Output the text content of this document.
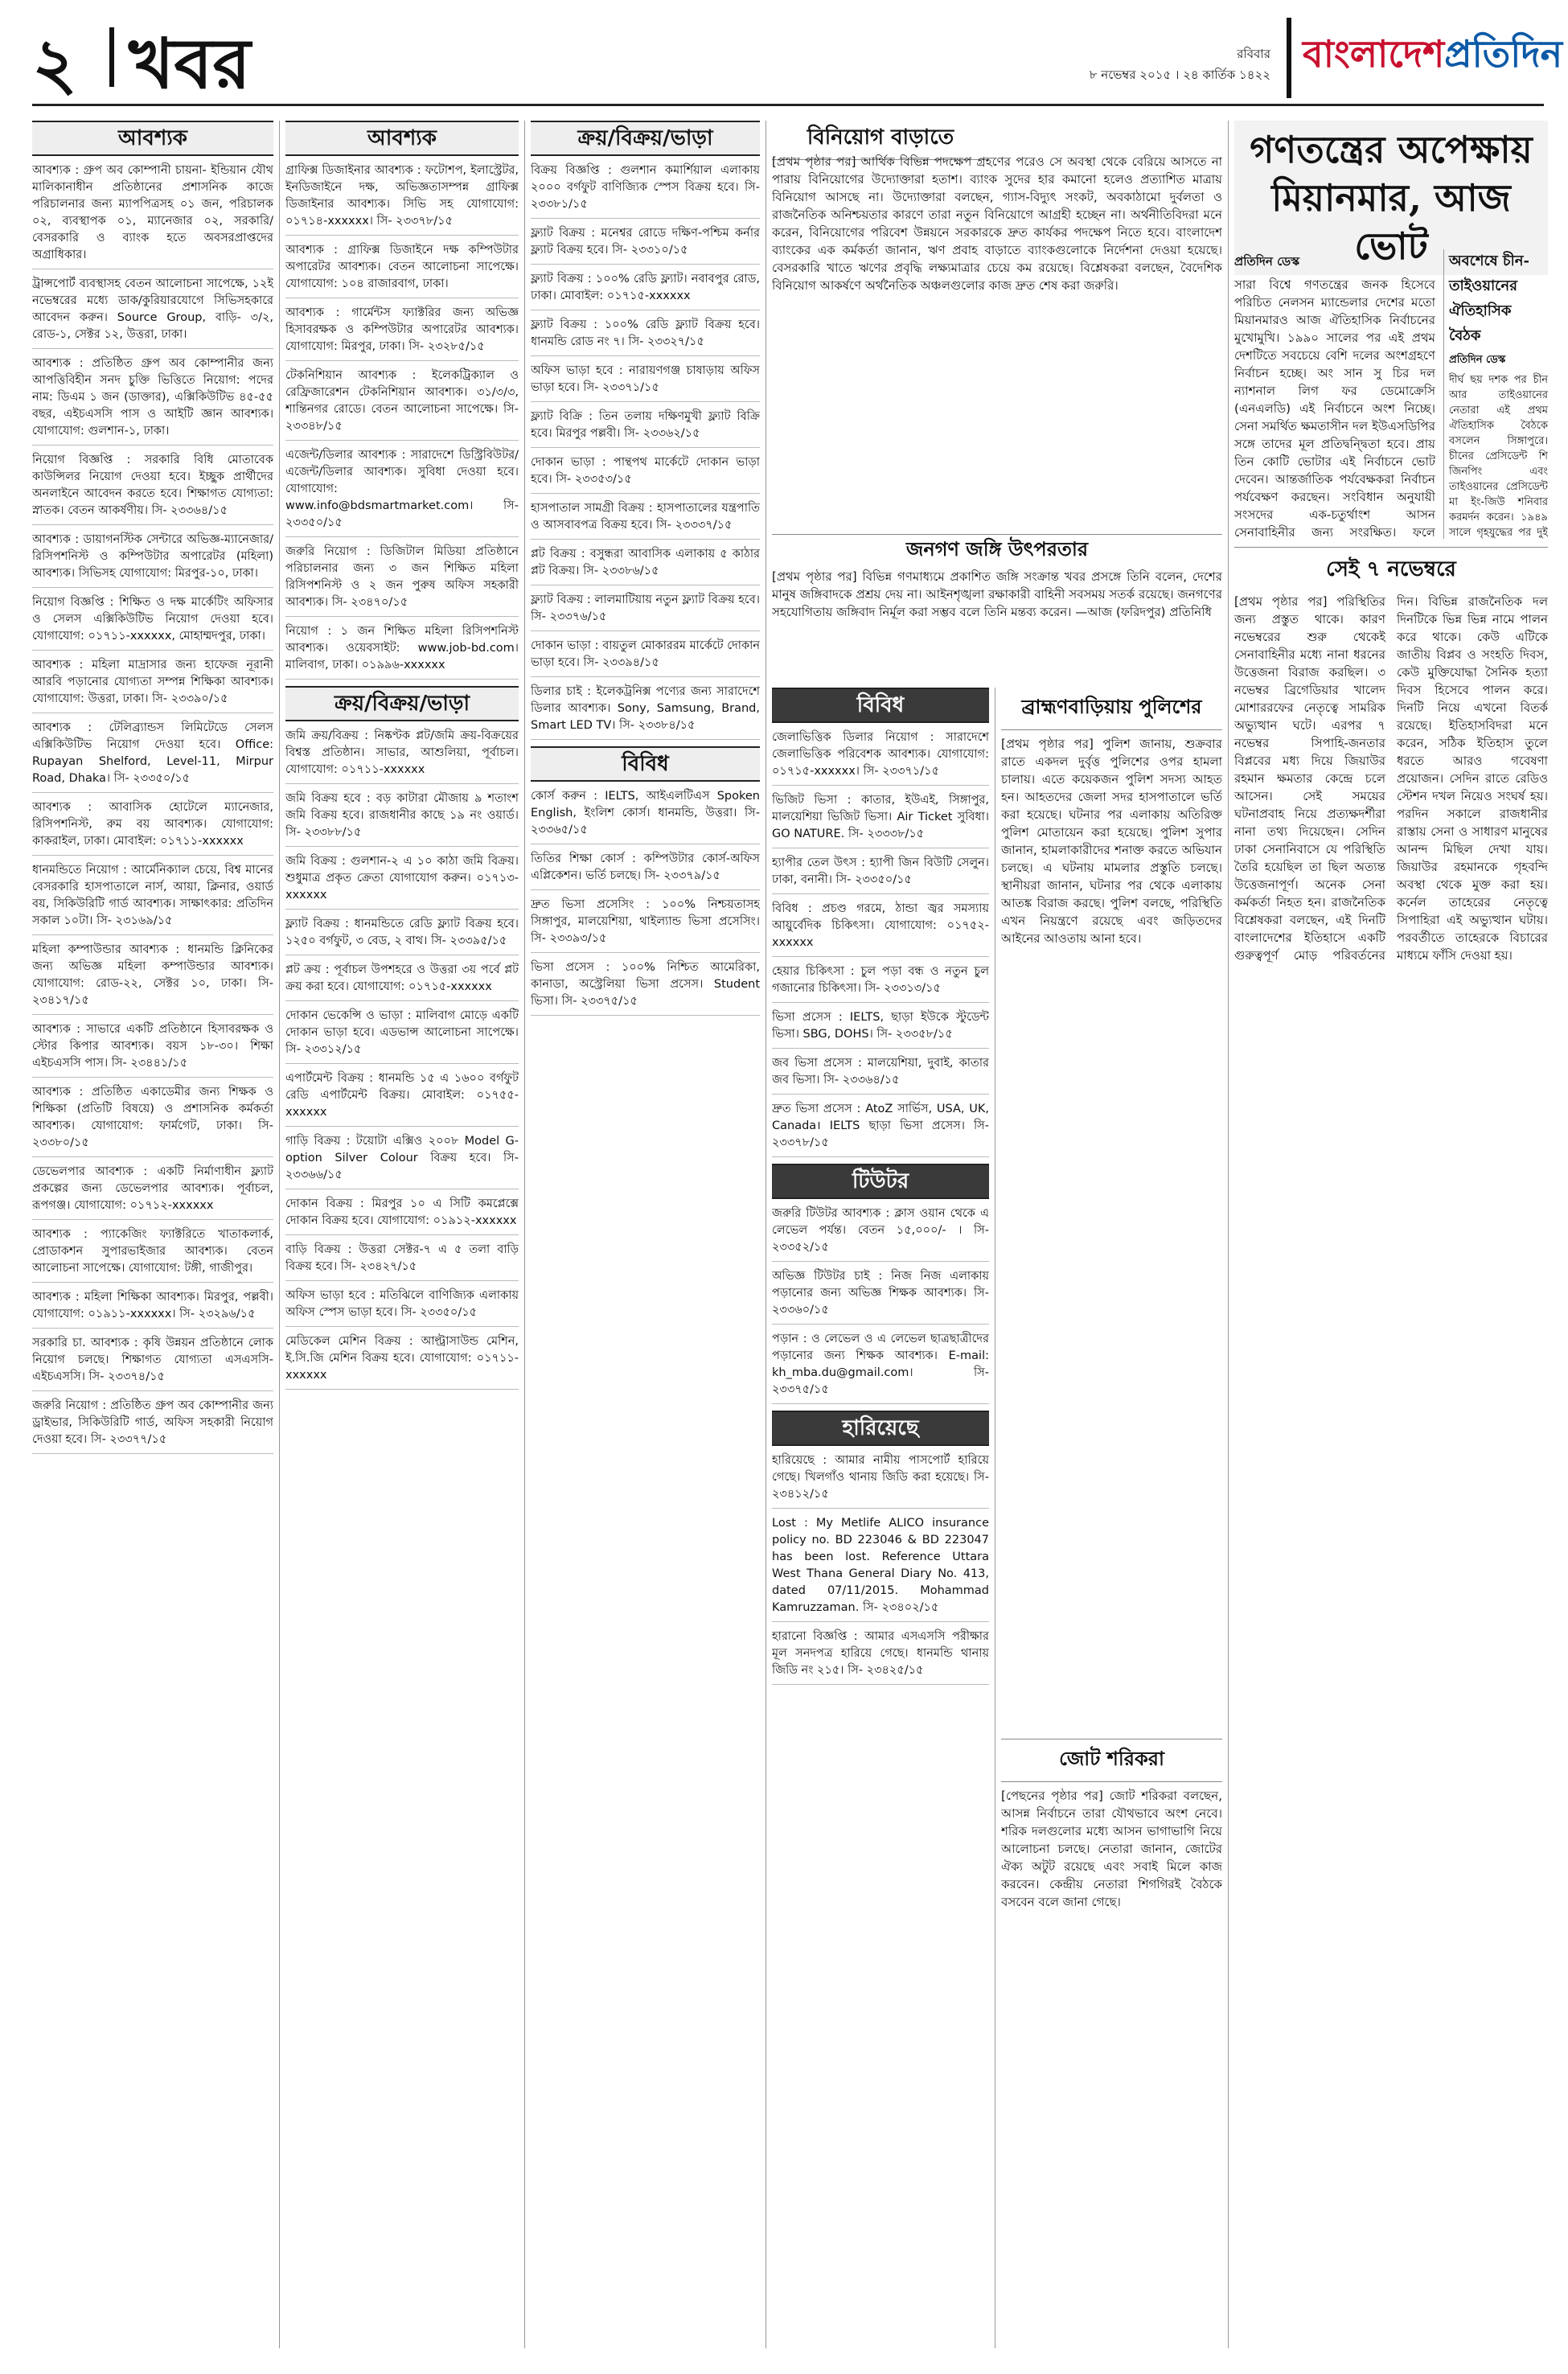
২ খবর	রবিবার
৮ নভেম্বর ২০১৫ । ২৪ কার্তিক ১৪২২ বাংলাদেশপ্রতিদিন
আবশ্যক
আবশ্যক : গ্রুপ অব কোম্পানী চায়না- ইন্ডিয়ান যৌথ মালিকানাধীন প্রতিষ্ঠানের প্রশাসনিক কাজে পরিচালনার জন্য ম্যাপপিত্রসহ ০১ জন, পরিচালক ০২, ব্যবস্থাপক ০১, ম্যানেজার ০২, সরকারি/বেসরকারি ও ব্যাংক হতে অবসরপ্রাপ্তদের অগ্রাধিকার।
ট্রান্সপোর্ট ব্যবস্থাসহ বেতন আলোচনা সাপেক্ষে, ১২ই নভেম্বরের মধ্যে ডাক/কুরিয়ারযোগে সিভিসহকারে আবেদন করুন। Source Group, বাড়ি- ৩/২, রোড-১, সেক্টর ১২, উত্তরা, ঢাকা।
আবশ্যক : প্রতিষ্ঠিত গ্রুপ অব কোম্পানীর জন্য আপত্তিবিহীন সনদ চুক্তি ভিত্তিতে নিয়োগ: পদের নাম: ডিএম ১ জন (ডাক্তার), এক্সিকিউটিভ ৪৫-৫৫ বছর, এইচএসসি পাস ও আইটি জ্ঞান আবশ্যক। যোগাযোগ: গুলশান-১, ঢাকা।
নিয়োগ বিজ্ঞপ্তি : সরকারি বিধি মোতাবেক কাউন্সিলর নিয়োগ দেওয়া হবে। ইচ্ছুক প্রার্থীদের অনলাইনে আবেদন করতে হবে। শিক্ষাগত যোগ্যতা: স্নাতক। বেতন আকর্ষণীয়। সি- ২৩৩৬৪/১৫
আবশ্যক : ডায়াগনস্টিক সেন্টারে অভিজ্ঞ-ম্যানেজার/রিসিপশনিস্ট ও কম্পিউটার অপারেটর (মহিলা) আবশ্যক। সিভিসহ যোগাযোগ: মিরপুর-১০, ঢাকা।
নিয়োগ বিজ্ঞপ্তি : শিক্ষিত ও দক্ষ মার্কেটিং অফিসার ও সেলস এক্সিকিউটিভ নিয়োগ দেওয়া হবে। যোগাযোগ: ০১৭১১-xxxxxx, মোহাম্মদপুর, ঢাকা।
আবশ্যক : মহিলা মাদ্রাসার জন্য হাফেজ নূরানী আরবি পড়ানোর যোগ্যতা সম্পন্ন শিক্ষিকা আবশ্যক। যোগাযোগ: উত্তরা, ঢাকা। সি- ২৩৩৯০/১৫
আবশ্যক : টেলিব্র্যান্ডস লিমিটেডে সেলস এক্সিকিউটিভ নিয়োগ দেওয়া হবে। Office: Rupayan Shelford, Level-11, Mirpur Road, Dhaka। সি- ২৩৩৫০/১৫
আবশ্যক : আবাসিক হোটেলে ম্যানেজার, রিসিপশনিস্ট, রুম বয় আবশ্যক। যোগাযোগ: কাকরাইল, ঢাকা। মোবাইল: ০১৭১১-xxxxxx
ধানমন্ডিতে নিয়োগ : আর্মেনিক্যাল চেয়ে, বিশ্ব মানের বেসরকারি হাসপাতালে নার্স, আয়া, ক্লিনার, ওয়ার্ড বয়, সিকিউরিটি গার্ড আবশ্যক। সাক্ষাৎকার: প্রতিদিন সকাল ১০টা। সি- ২৩১৬৯/১৫
মহিলা কম্পাউন্ডার আবশ্যক : ধানমন্ডি ক্লিনিকের জন্য অভিজ্ঞ মহিলা কম্পাউন্ডার আবশ্যক। যোগাযোগ: রোড-২২, সেক্টর ১০, ঢাকা। সি- ২৩৪১৭/১৫
আবশ্যক : সাভারে একটি প্রতিষ্ঠানে হিসাবরক্ষক ও স্টোর কিপার আবশ্যক। বয়স ১৮-৩০। শিক্ষা এইচএসসি পাস। সি- ২৩৪৪১/১৫
আবশ্যক : প্রতিষ্ঠিত একাডেমীর জন্য শিক্ষক ও শিক্ষিকা (প্রতিটি বিষয়ে) ও প্রশাসনিক কর্মকর্তা আবশ্যক। যোগাযোগ: ফার্মগেট, ঢাকা। সি- ২৩৩৮০/১৫
ডেভেলপার আবশ্যক : একটি নির্মাণাধীন ফ্ল্যাট প্রকল্পের জন্য ডেভেলপার আবশ্যক। পূর্বাচল, রূপগঞ্জ। যোগাযোগ: ০১৭১২-xxxxxx
আবশ্যক : প্যাকেজিং ফ্যাক্টরিতে খাতাকলার্ক, প্রোডাকশন সুপারভাইজার আবশ্যক। বেতন আলোচনা সাপেক্ষে। যোগাযোগ: টঙ্গী, গাজীপুর।
আবশ্যক : মহিলা শিক্ষিকা আবশ্যক। মিরপুর, পল্লবী। যোগাযোগ: ০১৯১১-xxxxxx। সি- ২৩২৯৬/১৫
সরকারি চা. আবশ্যক : কৃষি উন্নয়ন প্রতিষ্ঠানে লোক নিয়োগ চলছে। শিক্ষাগত যোগ্যতা এসএসসি-এইচএসসি। সি- ২৩৩৭৪/১৫
জরুরি নিয়োগ : প্রতিষ্ঠিত গ্রুপ অব কোম্পানীর জন্য ড্রাইভার, সিকিউরিটি গার্ড, অফিস সহকারী নিয়োগ দেওয়া হবে। সি- ২৩৩৭৭/১৫
আবশ্যক
গ্রাফিক্স ডিজাইনার আবশ্যক : ফটোশপ, ইলাস্ট্রেটর, ইনডিজাইনে দক্ষ, অভিজ্ঞতাসম্পন্ন গ্রাফিক্স ডিজাইনার আবশ্যক। সিভি সহ যোগাযোগ: ০১৭১৪-xxxxxx। সি- ২৩৩৭৮/১৫
আবশ্যক : গ্রাফিক্স ডিজাইনে দক্ষ কম্পিউটার অপারেটর আবশ্যক। বেতন আলোচনা সাপেক্ষে। যোগাযোগ: ১০৪ রাজারবাগ, ঢাকা।
আবশ্যক : গার্মেন্টস ফ্যাক্টরির জন্য অভিজ্ঞ হিসাবরক্ষক ও কম্পিউটার অপারেটর আবশ্যক। যোগাযোগ: মিরপুর, ঢাকা। সি- ২৩২৮৫/১৫
টেকনিশিয়ান আবশ্যক : ইলেকট্রিক্যাল ও রেফ্রিজারেশন টেকনিশিয়ান আবশ্যক। ৩১/৩/৩, শান্তিনগর রোডে। বেতন আলোচনা সাপেক্ষে। সি- ২৩৩৪৮/১৫
এজেন্ট/ডিলার আবশ্যক : সারাদেশে ডিস্ট্রিবিউটর/এজেন্ট/ডিলার আবশ্যক। সুবিধা দেওয়া হবে। যোগাযোগ: www.info@bdsmartmarket.com। সি- ২৩৩৫০/১৫
জরুরি নিয়োগ : ডিজিটাল মিডিয়া প্রতিষ্ঠানে পরিচালনার জন্য ৩ জন শিক্ষিত মহিলা রিসিপশনিস্ট ও ২ জন পুরুষ অফিস সহকারী আবশ্যক। সি- ২৩৪৭০/১৫
নিয়োগ : ১ জন শিক্ষিত মহিলা রিসিপশনিস্ট আবশ্যক। ওয়েবসাইট: www.job-bd.com। মালিবাগ, ঢাকা। ০১৯৯৬-xxxxxx
ক্রয়/বিক্রয়/ভাড়া
জমি ক্রয়/বিক্রয় : নিষ্কণ্টক প্লট/জমি ক্রয়-বিক্রয়ের বিশ্বস্ত প্রতিষ্ঠান। সাভার, আশুলিয়া, পূর্বাচল। যোগাযোগ: ০১৭১১-xxxxxx
জমি বিক্রয় হবে : বড় কাটারা মৌজায় ৯ শতাংশ জমি বিক্রয় হবে। রাজধানীর কাছে ১৯ নং ওয়ার্ড। সি- ২৩৩৮৮/১৫
জমি বিক্রয় : গুলশান-২ এ ১০ কাঠা জমি বিক্রয়। শুধুমাত্র প্রকৃত ক্রেতা যোগাযোগ করুন। ০১৭১৩-xxxxxx
ফ্ল্যাট বিক্রয় : ধানমন্ডিতে রেডি ফ্ল্যাট বিক্রয় হবে। ১২৫০ বর্গফুট, ৩ বেড, ২ বাথ। সি- ২৩৩৯৫/১৫
প্লট ক্রয় : পূর্বাচল উপশহরে ও উত্তরা ৩য় পর্বে প্লট ক্রয় করা হবে। যোগাযোগ: ০১৭১৫-xxxxxx
দোকান ভেকেন্সি ও ভাড়া : মালিবাগ মোড়ে একটি দোকান ভাড়া হবে। এডভান্স আলোচনা সাপেক্ষে। সি- ২৩৩১২/১৫
এপার্টমেন্ট বিক্রয় : ধানমন্ডি ১৫ এ ১৬০০ বর্গফুট রেডি এপার্টমেন্ট বিক্রয়। মোবাইল: ০১৭৫৫-xxxxxx
গাড়ি বিক্রয় : টয়োটা এক্সিও ২০০৮ Model G-option Silver Colour বিক্রয় হবে। সি- ২৩৩৬৬/১৫
দোকান বিক্রয় : মিরপুর ১০ এ সিটি কমপ্লেক্সে দোকান বিক্রয় হবে। যোগাযোগ: ০১৯১২-xxxxxx
বাড়ি বিক্রয় : উত্তরা সেক্টর-৭ এ ৫ তলা বাড়ি বিক্রয় হবে। সি- ২৩৪২৭/১৫
অফিস ভাড়া হবে : মতিঝিলে বাণিজ্যিক এলাকায় অফিস স্পেস ভাড়া হবে। সি- ২৩৩৫০/১৫
মেডিকেল মেশিন বিক্রয় : আল্ট্রাসাউন্ড মেশিন, ই.সি.জি মেশিন বিক্রয় হবে। যোগাযোগ: ০১৭১১-xxxxxx
ক্রয়/বিক্রয়/ভাড়া
বিক্রয় বিজ্ঞপ্তি : গুলশান কমার্শিয়াল এলাকায় ২০০০ বর্গফুট বাণিজ্যিক স্পেস বিক্রয় হবে। সি- ২৩৩৮১/১৫
ফ্ল্যাট বিক্রয় : মনেশ্বর রোডে দক্ষিণ-পশ্চিম কর্নার ফ্ল্যাট বিক্রয় হবে। সি- ২৩৩১০/১৫
ফ্ল্যাট বিক্রয় : ১০০% রেডি ফ্ল্যাট। নবাবপুর রোড, ঢাকা। মোবাইল: ০১৭১৫-xxxxxx
ফ্ল্যাট বিক্রয় : ১০০% রেডি ফ্ল্যাট বিক্রয় হবে। ধানমন্ডি রোড নং ৭। সি- ২৩৩২৭/১৫
অফিস ভাড়া হবে : নারায়ণগঞ্জ চাষাড়ায় অফিস ভাড়া হবে। সি- ২৩৩৭১/১৫
ফ্ল্যাট বিক্রি : তিন তলায় দক্ষিণমুখী ফ্ল্যাট বিক্রি হবে। মিরপুর পল্লবী। সি- ২৩৩৬২/১৫
দোকান ভাড়া : পান্থপথ মার্কেটে দোকান ভাড়া হবে। সি- ২৩৩৫৩/১৫
হাসপাতাল সামগ্রী বিক্রয় : হাসপাতালের যন্ত্রপাতি ও আসবাবপত্র বিক্রয় হবে। সি- ২৩৩৩৭/১৫
প্লট বিক্রয় : বসুন্ধরা আবাসিক এলাকায় ৫ কাঠার প্লট বিক্রয়। সি- ২৩৩৮৬/১৫
ফ্ল্যাট বিক্রয় : লালমাটিয়ায় নতুন ফ্ল্যাট বিক্রয় হবে। সি- ২৩৩৭৬/১৫
দোকান ভাড়া : বায়তুল মোকাররম মার্কেটে দোকান ভাড়া হবে। সি- ২৩৩৯৪/১৫
ডিলার চাই : ইলেকট্রনিক্স পণ্যের জন্য সারাদেশে ডিলার আবশ্যক। Sony, Samsung, Brand, Smart LED TV। সি- ২৩৩৮৪/১৫
বিবিধ
কোর্স করুন : IELTS, আইএলটিএস Spoken English, ইংলিশ কোর্স। ধানমন্ডি, উত্তরা। সি- ২৩৩৬৫/১৫
তিতির শিক্ষা কোর্স : কম্পিউটার কোর্স-অফিস এপ্লিকেশন। ভর্তি চলছে। সি- ২৩৩৭৯/১৫
দ্রুত ভিসা প্রসেসিং : ১০০% নিশ্চয়তাসহ সিঙ্গাপুর, মালয়েশিয়া, থাইল্যান্ড ভিসা প্রসেসিং। সি- ২৩৩৯৩/১৫
ভিসা প্রসেস : ১০০% নিশ্চিত আমেরিকা, কানাডা, অস্ট্রেলিয়া ভিসা প্রসেস। Student ভিসা। সি- ২৩৩৭৫/১৫
বিনিয়োগ বাড়াতে
[প্রথম পৃষ্ঠার পর] আর্থিক বিভিন্ন পদক্ষেপ গ্রহণের পরেও সে অবস্থা থেকে বেরিয়ে আসতে না পারায় বিনিয়োগের উদ্যোক্তারা হতাশ। ব্যাংক সুদের হার কমানো হলেও প্রত্যাশিত মাত্রায় বিনিয়োগ আসছে না। উদ্যোক্তারা বলছেন, গ্যাস-বিদ্যুৎ সংকট, অবকাঠামো দুর্বলতা ও রাজনৈতিক অনিশ্চয়তার কারণে তারা নতুন বিনিয়োগে আগ্রহী হচ্ছেন না। অর্থনীতিবিদরা মনে করেন, বিনিয়োগের পরিবেশ উন্নয়নে সরকারকে দ্রুত কার্যকর পদক্ষেপ নিতে হবে। বাংলাদেশ ব্যাংকের এক কর্মকর্তা জানান, ঋণ প্রবাহ বাড়াতে ব্যাংকগুলোকে নির্দেশনা দেওয়া হয়েছে। বেসরকারি খাতে ঋণের প্রবৃদ্ধি লক্ষ্যমাত্রার চেয়ে কম রয়েছে। বিশ্লেষকরা বলছেন, বৈদেশিক বিনিয়োগ আকর্ষণে অর্থনৈতিক অঞ্চলগুলোর কাজ দ্রুত শেষ করা জরুরি।
জনগণ জঙ্গি উৎপরতার
[প্রথম পৃষ্ঠার পর] বিভিন্ন গণমাধ্যমে প্রকাশিত জঙ্গি সংক্রান্ত খবর প্রসঙ্গে তিনি বলেন, দেশের মানুষ জঙ্গিবাদকে প্রশ্রয় দেয় না। আইনশৃঙ্খলা রক্ষাকারী বাহিনী সবসময় সতর্ক রয়েছে। জনগণের সহযোগিতায় জঙ্গিবাদ নির্মূল করা সম্ভব বলে তিনি মন্তব্য করেন। —আজ (ফরিদপুর) প্রতিনিধি
বিবিধ
জেলাভিত্তিক ডিলার নিয়োগ : সারাদেশে জেলাভিত্তিক পরিবেশক আবশ্যক। যোগাযোগ: ০১৭১৫-xxxxxx। সি- ২৩৩৭১/১৫
ভিজিট ভিসা : কাতার, ইউএই, সিঙ্গাপুর, মালয়েশিয়া ভিজিট ভিসা। Air Ticket সুবিধা। GO NATURE. সি- ২৩৩৩৮/১৫
হ্যাপীর তেল উৎস : হ্যাপী জিন বিউটি সেলুন। ঢাকা, বনানী। সি- ২৩৩৫০/১৫
বিবিধ : প্রচণ্ড গরমে, ঠান্ডা জ্বর সমস্যায় আয়ুর্বেদিক চিকিৎসা। যোগাযোগ: ০১৭৫২-xxxxxx
হেয়ার চিকিৎসা : চুল পড়া বন্ধ ও নতুন চুল গজানোর চিকিৎসা। সি- ২৩৩১৩/১৫
ভিসা প্রসেস : IELTS, ছাড়া ইউকে স্টুডেন্ট ভিসা। SBG, DOHS। সি- ২৩৩৫৮/১৫
জব ভিসা প্রসেস : মালয়েশিয়া, দুবাই, কাতার জব ভিসা। সি- ২৩৩৬৪/১৫
দ্রুত ভিসা প্রসেস : AtoZ সার্ভিস, USA, UK, Canada। IELTS ছাড়া ভিসা প্রসেস। সি- ২৩৩৭৮/১৫
টিউটর
জরুরি টিউটর আবশ্যক : ক্লাস ওয়ান থেকে এ লেভেল পর্যন্ত। বেতন ১৫,০০০/- । সি- ২৩৩৫২/১৫
অভিজ্ঞ টিউটর চাই : নিজ নিজ এলাকায় পড়ানোর জন্য অভিজ্ঞ শিক্ষক আবশ্যক। সি- ২৩৩৬০/১৫
পড়ান : ও লেভেল ও এ লেভেল ছাত্রছাত্রীদের পড়ানোর জন্য শিক্ষক আবশ্যক। E-mail: kh_mba.du@gmail.com। সি- ২৩৩৭৫/১৫
হারিয়েছে
হারিয়েছে : আমার নামীয় পাসপোর্ট হারিয়ে গেছে। খিলগাঁও থানায় জিডি করা হয়েছে। সি- ২৩৪১২/১৫
Lost : My Metlife ALICO insurance policy no. BD 223046 & BD 223047 has been lost. Reference Uttara West Thana General Diary No. 413, dated 07/11/2015. Mohammad Kamruzzaman. সি- ২৩৪০২/১৫
হারানো বিজ্ঞপ্তি : আমার এসএসসি পরীক্ষার মূল সনদপত্র হারিয়ে গেছে। ধানমন্ডি থানায় জিডি নং ২১৫। সি- ২৩৪২৫/১৫
ব্রাহ্মণবাড়িয়ায় পুলিশের
[প্রথম পৃষ্ঠার পর] পুলিশ জানায়, শুক্রবার রাতে একদল দুর্বৃত্ত পুলিশের ওপর হামলা চালায়। এতে কয়েকজন পুলিশ সদস্য আহত হন। আহতদের জেলা সদর হাসপাতালে ভর্তি করা হয়েছে। ঘটনার পর এলাকায় অতিরিক্ত পুলিশ মোতায়েন করা হয়েছে। পুলিশ সুপার জানান, হামলাকারীদের শনাক্ত করতে অভিযান চলছে। এ ঘটনায় মামলার প্রস্তুতি চলছে। স্থানীয়রা জানান, ঘটনার পর থেকে এলাকায় আতঙ্ক বিরাজ করছে। পুলিশ বলছে, পরিস্থিতি এখন নিয়ন্ত্রণে রয়েছে এবং জড়িতদের আইনের আওতায় আনা হবে।
জোট শরিকরা
[পেছনের পৃষ্ঠার পর] জোট শরিকরা বলছেন, আসন্ন নির্বাচনে তারা যৌথভাবে অংশ নেবে। শরিক দলগুলোর মধ্যে আসন ভাগাভাগি নিয়ে আলোচনা চলছে। নেতারা জানান, জোটের ঐক্য অটুট রয়েছে এবং সবাই মিলে কাজ করবেন। কেন্দ্রীয় নেতারা শিগগিরই বৈঠকে বসবেন বলে জানা গেছে।
গণতন্ত্রের অপেক্ষায় মিয়ানমার, আজ ভোট
প্রতিদিন ডেস্ক
সারা বিশ্বে গণতন্ত্রের জনক হিসেবে পরিচিত নেলসন ম্যান্ডেলার দেশের মতো মিয়ানমারও আজ ঐতিহাসিক নির্বাচনের মুখোমুখি। ১৯৯০ সালের পর এই প্রথম দেশটিতে সবচেয়ে বেশি দলের অংশগ্রহণে নির্বাচন হচ্ছে। অং সান সু চির দল ন্যাশনাল লিগ ফর ডেমোক্রেসি (এনএলডি) এই নির্বাচনে অংশ নিচ্ছে। সেনা সমর্থিত ক্ষমতাসীন দল ইউএসডিপির সঙ্গে তাদের মূল প্রতিদ্বন্দ্বিতা হবে। প্রায় তিন কোটি ভোটার এই নির্বাচনে ভোট দেবেন। আন্তর্জাতিক পর্যবেক্ষকরা নির্বাচন পর্যবেক্ষণ করছেন। সংবিধান অনুযায়ী সংসদের এক-চতুর্থাংশ আসন সেনাবাহিনীর জন্য সংরক্ষিত। ফলে
অবশেষে চীন-তাইওয়ানের ঐতিহাসিক বৈঠক
প্রতিদিন ডেস্ক
দীর্ঘ ছয় দশক পর চীন আর তাইওয়ানের নেতারা এই প্রথম ঐতিহাসিক বৈঠকে বসলেন সিঙ্গাপুরে। চীনের প্রেসিডেন্ট শি জিনপিং এবং তাইওয়ানের প্রেসিডেন্ট মা ইং-জিউ শনিবার করমর্দন করেন। ১৯৪৯ সালে গৃহযুদ্ধের পর দুই
সেই ৭ নভেম্বরে
[প্রথম পৃষ্ঠার পর] পরিস্থিতির জন্য প্রস্তুত থাকে। কারণ নভেম্বরের শুরু থেকেই সেনাবাহিনীর মধ্যে নানা ধরনের উত্তেজনা বিরাজ করছিল। ৩ নভেম্বর ব্রিগেডিয়ার খালেদ মোশাররফের নেতৃত্বে সামরিক অভ্যুত্থান ঘটে। এরপর ৭ নভেম্বর সিপাহি-জনতার বিপ্লবের মধ্য দিয়ে জিয়াউর রহমান ক্ষমতার কেন্দ্রে চলে আসেন। সেই সময়ের ঘটনাপ্রবাহ নিয়ে প্রত্যক্ষদর্শীরা নানা তথ্য দিয়েছেন। সেদিন ঢাকা সেনানিবাসে যে পরিস্থিতি তৈরি হয়েছিল তা ছিল অত্যন্ত উত্তেজনাপূর্ণ। অনেক সেনা কর্মকর্তা নিহত হন। রাজনৈতিক বিশ্লেষকরা বলছেন, এই দিনটি বাংলাদেশের ইতিহাসে একটি গুরুত্বপূর্ণ মোড় পরিবর্তনের দিন। বিভিন্ন রাজনৈতিক দল দিনটিকে ভিন্ন ভিন্ন নামে পালন করে থাকে। কেউ এটিকে জাতীয় বিপ্লব ও সংহতি দিবস, কেউ মুক্তিযোদ্ধা সৈনিক হত্যা দিবস হিসেবে পালন করে। দিনটি নিয়ে এখনো বিতর্ক রয়েছে। ইতিহাসবিদরা মনে করেন, সঠিক ইতিহাস তুলে ধরতে আরও গবেষণা প্রয়োজন। সেদিন রাতে রেডিও স্টেশন দখল নিয়েও সংঘর্ষ হয়। পরদিন সকালে রাজধানীর রাস্তায় সেনা ও সাধারণ মানুষের আনন্দ মিছিল দেখা যায়। জিয়াউর রহমানকে গৃহবন্দি অবস্থা থেকে মুক্ত করা হয়। কর্নেল তাহেরের নেতৃত্বে সিপাহিরা এই অভ্যুত্থান ঘটায়। পরবর্তীতে তাহেরকে বিচারের মাধ্যমে ফাঁসি দেওয়া হয়।
